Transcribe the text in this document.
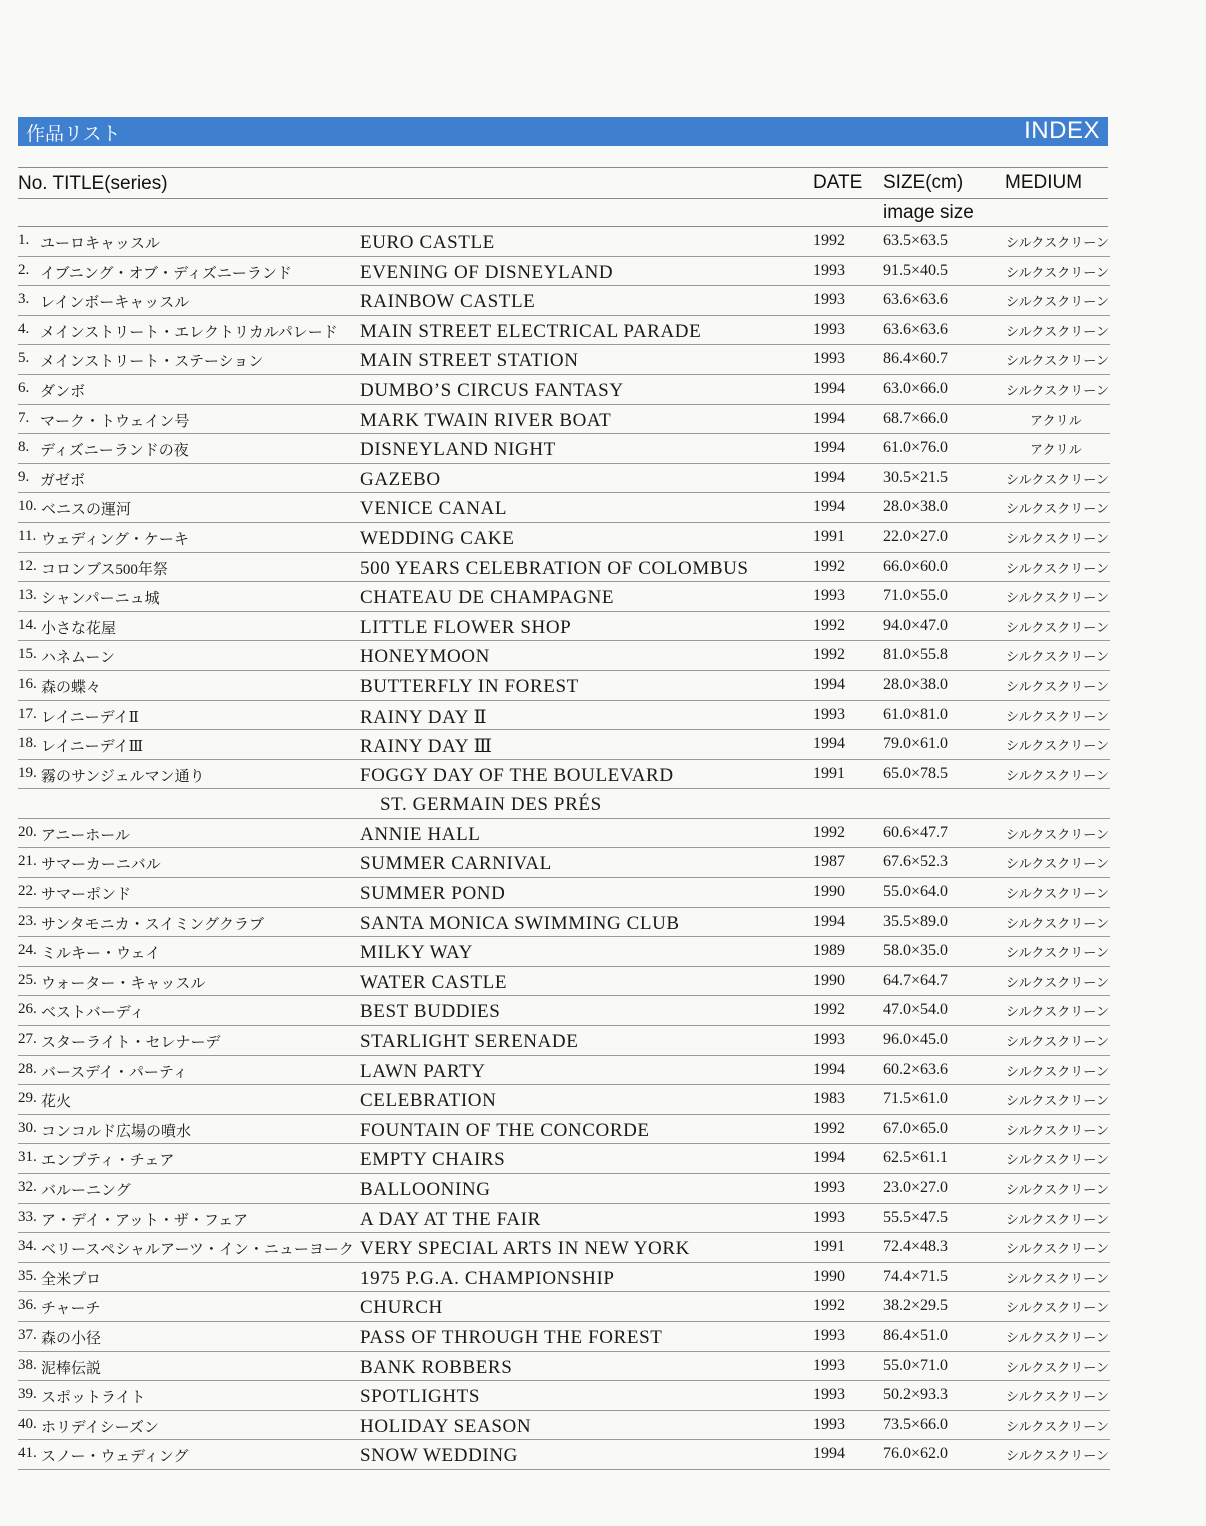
作品リスト	INDEX
No. TITLE(series)	DATE SIZE(cm) MEDIUM
image size
1. ユーロキャッスル	EURO CASTLE	1992 63.5×63.5	シルクスクリーン
2. イブニング・オブ・ディズニーランド	EVENING OF DISNEYLAND	1993 91.5×40.5	シルクスクリーン
3. レインボーキャッスル	RAINBOW CASTLE	1993 63.6×63.6	シルクスクリーン
4. メインストリート・エレクトリカルパレード MAIN STREET ELECTRICAL PARADE	1993 63.6×63.6	シルクスクリーン
5. メインストリート・ステーション	MAIN STREET STATION	1993 86.4×60.7	シルクスクリーン
6. ダンボ	DUMBO’S CIRCUS FANTASY	1994 63.0×66.0	シルクスクリーン
7. マーク・トウェイン号	MARK TWAIN RIVER BOAT	1994 68.7×66.0	アクリル
8. ディズニーランドの夜	DISNEYLAND NIGHT	1994 61.0×76.0	アクリル
9. ガゼボ	GAZEBO	1994 30.5×21.5	シルクスクリーン
10. ベニスの運河	VENICE CANAL	1994 28.0×38.0	シルクスクリーン
11. ウェディング・ケーキ	WEDDING CAKE	1991 22.0×27.0	シルクスクリーン
12. コロンブス500年祭	500 YEARS CELEBRATION OF COLOMBUS	1992 66.0×60.0	シルクスクリーン
13. シャンパーニュ城	CHATEAU DE CHAMPAGNE	1993 71.0×55.0	シルクスクリーン
14. 小さな花屋	LITTLE FLOWER SHOP	1992 94.0×47.0	シルクスクリーン
15. ハネムーン	HONEYMOON	1992 81.0×55.8	シルクスクリーン
16. 森の蝶々	BUTTERFLY IN FOREST	1994 28.0×38.0	シルクスクリーン
17. レイニーデイⅡ	RAINY DAY Ⅱ	1993 61.0×81.0	シルクスクリーン
18. レイニーデイⅢ	RAINY DAY Ⅲ	1994 79.0×61.0	シルクスクリーン
19. 霧のサンジェルマン通り	FOGGY DAY OF THE BOULEVARD	1991 65.0×78.5	シルクスクリーン
ST. GERMAIN DES PRÉS
20. アニーホール	ANNIE HALL	1992 60.6×47.7	シルクスクリーン
21. サマーカーニバル	SUMMER CARNIVAL	1987 67.6×52.3	シルクスクリーン
22. サマーポンド	SUMMER POND	1990 55.0×64.0	シルクスクリーン
23. サンタモニカ・スイミングクラブ	SANTA MONICA SWIMMING CLUB	1994 35.5×89.0	シルクスクリーン
24. ミルキー・ウェイ	MILKY WAY	1989 58.0×35.0	シルクスクリーン
25. ウォーター・キャッスル	WATER CASTLE	1990 64.7×64.7	シルクスクリーン
26. ベストバーディ	BEST BUDDIES	1992 47.0×54.0	シルクスクリーン
27. スターライト・セレナーデ	STARLIGHT SERENADE	1993 96.0×45.0	シルクスクリーン
28. バースデイ・パーティ	LAWN PARTY	1994 60.2×63.6	シルクスクリーン
29. 花火	CELEBRATION	1983 71.5×61.0	シルクスクリーン
30. コンコルド広場の噴水	FOUNTAIN OF THE CONCORDE	1992 67.0×65.0	シルクスクリーン
31. エンプティ・チェア	EMPTY CHAIRS	1994 62.5×61.1	シルクスクリーン
32. バルーニング	BALLOONING	1993 23.0×27.0	シルクスクリーン
33. ア・デイ・アット・ザ・フェア	A DAY AT THE FAIR	1993 55.5×47.5	シルクスクリーン
34. ベリースペシャルアーツ・イン・ニューヨーク VERY SPECIAL ARTS IN NEW YORK	1991 72.4×48.3	シルクスクリーン
35. 全米プロ	1975 P.G.A. CHAMPIONSHIP	1990 74.4×71.5	シルクスクリーン
36. チャーチ	CHURCH	1992 38.2×29.5	シルクスクリーン
37. 森の小径	PASS OF THROUGH THE FOREST	1993 86.4×51.0	シルクスクリーン
38. 泥棒伝説	BANK ROBBERS	1993 55.0×71.0	シルクスクリーン
39. スポットライト	SPOTLIGHTS	1993 50.2×93.3	シルクスクリーン
40. ホリデイシーズン	HOLIDAY SEASON	1993 73.5×66.0	シルクスクリーン
41. スノー・ウェディング	SNOW WEDDING	1994 76.0×62.0	シルクスクリーン
